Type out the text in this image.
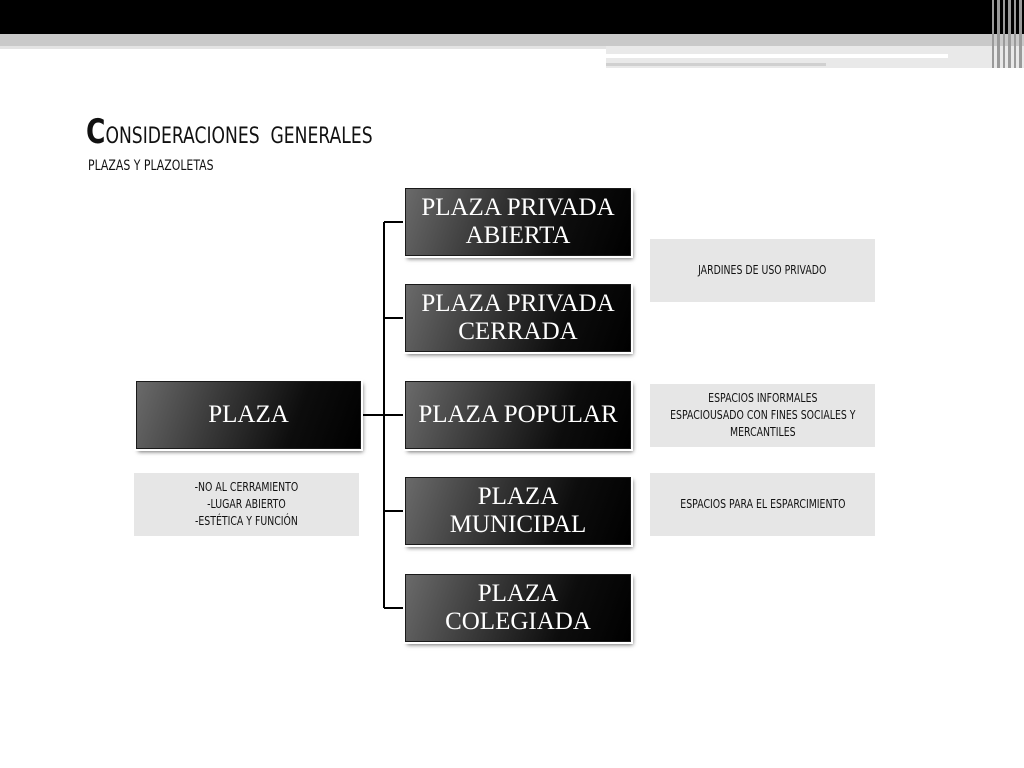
CONSIDERACIONES  GENERALES
PLAZAS Y PLAZOLETAS
PLAZA
-NO AL CERRAMIENTO
-LUGAR ABIERTO
-ESTÉTICA Y FUNCIÓN
PLAZA PRIVADA
ABIERTA
PLAZA PRIVADA
CERRADA
PLAZA POPULAR
PLAZA
MUNICIPAL
PLAZA
COLEGIADA
JARDINES DE USO PRIVADO
ESPACIOS INFORMALES
ESPACIOUSADO CON FINES SOCIALES Y
MERCANTILES
ESPACIOS PARA EL ESPARCIMIENTO
